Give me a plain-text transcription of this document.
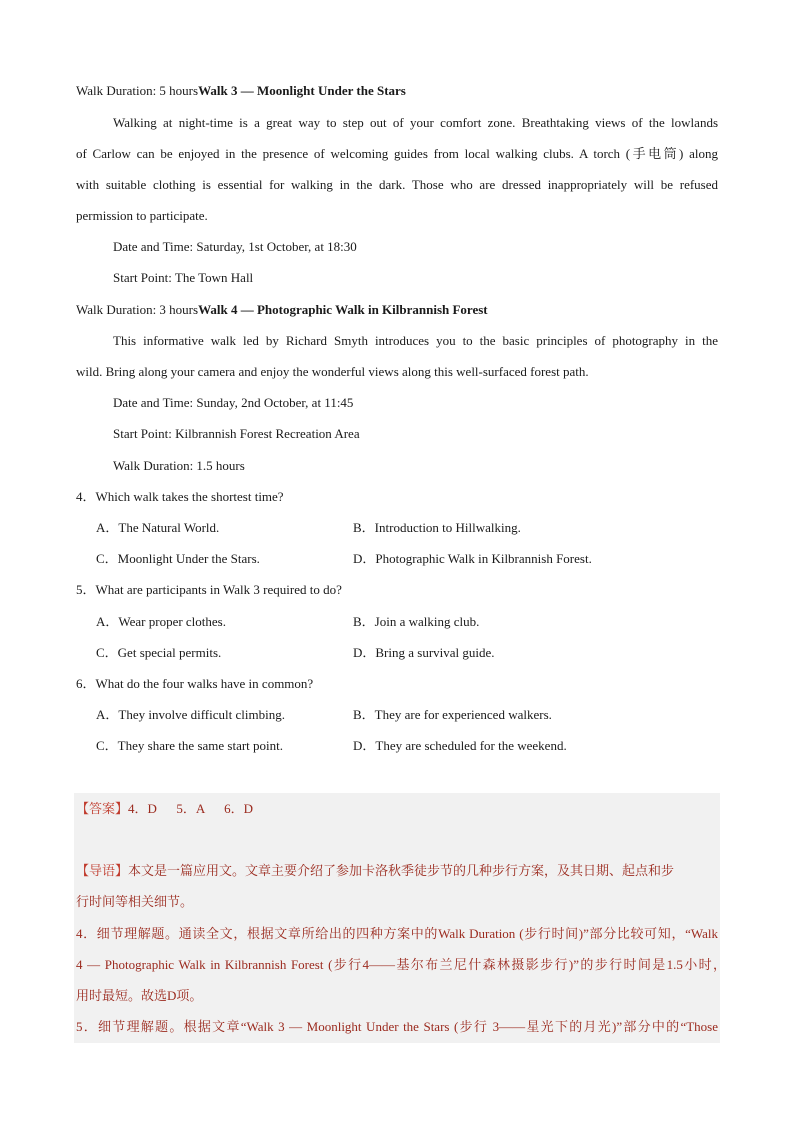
Walk Duration: 5 hoursWalk 3 — Moonlight Under the Stars
Walking at night-time is a great way to step out of your comfort zone. Breathtaking views of the lowlands
of Carlow can be enjoyed in the presence of welcoming guides from local walking clubs. A torch (手电筒) along
with suitable clothing is essential for walking in the dark. Those who are dressed inappropriately will be refused
permission to participate.
Date and Time: Saturday, 1st October, at 18:30
Start Point: The Town Hall
Walk Duration: 3 hoursWalk 4 — Photographic Walk in Kilbrannish Forest
This informative walk led by Richard Smyth introduces you to the basic principles of photography in the
wild. Bring along your camera and enjoy the wonderful views along this well-surfaced forest path.
Date and Time: Sunday, 2nd October, at 11:45
Start Point: Kilbrannish Forest Recreation Area
Walk Duration: 1.5 hours
4．Which walk takes the shortest time?
A．The Natural World.	B．Introduction to Hillwalking.
C．Moonlight Under the Stars.	D．Photographic Walk in Kilbrannish Forest.
5．What are participants in Walk 3 required to do?
A．Wear proper clothes.	B．Join a walking club.
C．Get special permits.	D．Bring a survival guide.
6．What do the four walks have in common?
A．They involve difficult climbing.	B．They are for experienced walkers.
C．They share the same start point.	D．They are scheduled for the weekend.
【答案】4．D      5．A      6．D
【导语】本文是一篇应用文。文章主要介绍了参加卡洛秋季徒步节的几种步行方案，及其日期、起点和步
行时间等相关细节。
4．细节理解题。通读全文，根据文章所给出的四种方案中的Walk Duration (步行时间)”部分比较可知，“Walk
4 — Photographic Walk in Kilbrannish Forest (步行4——基尔布兰尼什森林摄影步行)”的步行时间是1.5小时，
用时最短。故选D项。
5．细节理解题。根据文章“Walk 3 — Moonlight Under the Stars (步行 3——星光下的月光)”部分中的“Those
